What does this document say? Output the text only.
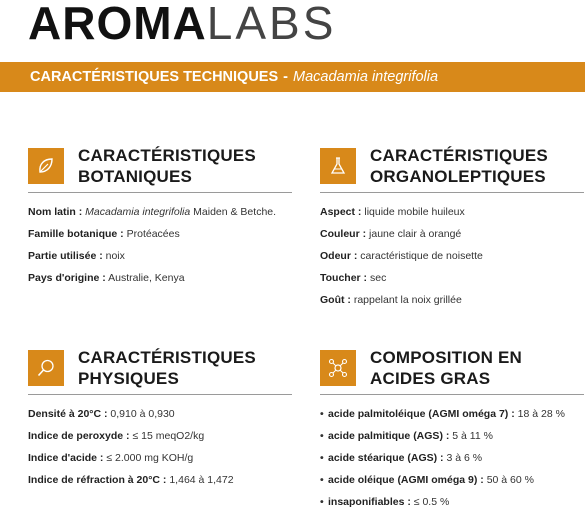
AROMA LABS
CARACTÉRISTIQUES TECHNIQUES - Macadamia integrifolia
CARACTÉRISTIQUES
BOTANIQUES
Nom latin : Macadamia integrifolia Maiden & Betche.
Famille botanique : Protéacées
Partie utilisée : noix
Pays d'origine : Australie, Kenya
CARACTÉRISTIQUES
ORGANOLEPTIQUES
Aspect : liquide mobile huileux
Couleur : jaune clair à orangé
Odeur : caractéristique de noisette
Toucher : sec
Goût : rappelant la noix grillée
CARACTÉRISTIQUES
PHYSIQUES
Densité à 20°C : 0,910 à 0,930
Indice de peroxyde : ≤ 15 meqO2/kg
Indice d'acide : ≤ 2.000 mg KOH/g
Indice de réfraction à 20°C : 1,464 à 1,472
COMPOSITION EN
ACIDES GRAS
• acide palmitoléique (AGMI oméga 7) : 18 à 28 %
• acide palmitique (AGS) : 5 à 11 %
• acide stéarique (AGS) : 3 à 6 %
• acide oléique (AGMI oméga 9) : 50 à 60 %
• insaponifiables : ≤ 0.5 %
